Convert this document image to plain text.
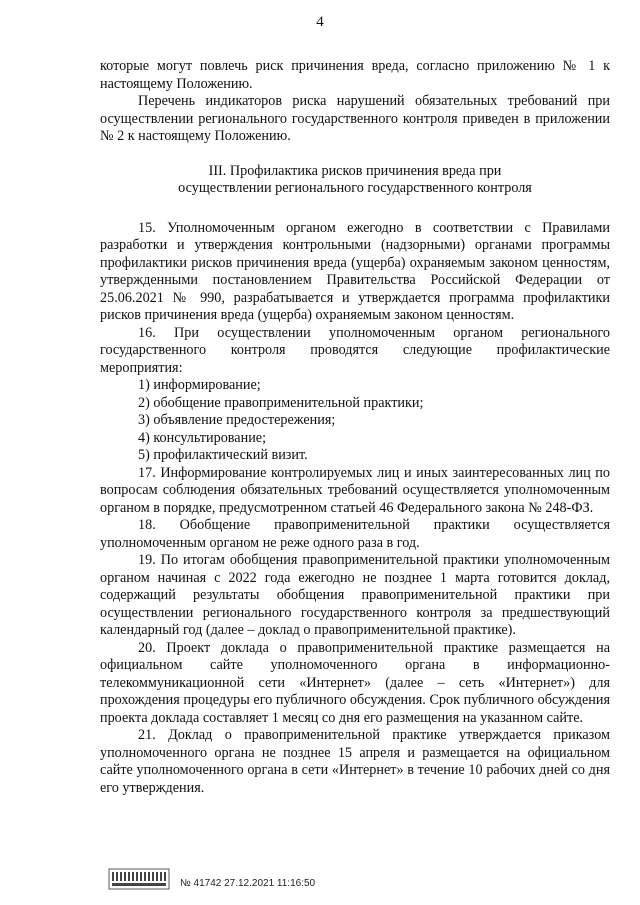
4

которые могут повлечь риск причинения вреда, согласно приложению № 1 к настоящему Положению.

Перечень индикаторов риска нарушений обязательных требований при осуществлении регионального государственного контроля приведен в приложении № 2 к настоящему Положению.

III. Профилактика рисков причинения вреда при
осуществлении регионального государственного контроля

15. Уполномоченным органом ежегодно в соответствии с Правилами разработки и утверждения контрольными (надзорными) органами программы профилактики рисков причинения вреда (ущерба) охраняемым законом ценностям, утвержденными постановлением Правительства Российской Федерации от 25.06.2021 № 990, разрабатывается и утверждается программа профилактики рисков причинения вреда (ущерба) охраняемым законом ценностям.

16. При осуществлении уполномоченным органом регионального государственного контроля проводятся следующие профилактические мероприятия:

1) информирование;

2) обобщение правоприменительной практики;

3) объявление предостережения;

4) консультирование;

5) профилактический визит.

17. Информирование контролируемых лиц и иных заинтересованных лиц по вопросам соблюдения обязательных требований осуществляется уполномоченным органом в порядке, предусмотренном статьей 46 Федерального закона № 248-ФЗ.

18. Обобщение правоприменительной практики осуществляется уполномоченным органом не реже одного раза в год.

19. По итогам обобщения правоприменительной практики уполномоченным органом начиная с 2022 года ежегодно не позднее 1 марта готовится доклад, содержащий результаты обобщения правоприменительной практики при осуществлении регионального государственного контроля за предшествующий календарный год (далее – доклад о правоприменительной практике).

20. Проект доклада о правоприменительной практике размещается на официальном сайте уполномоченного органа в информационно-телекоммуникационной сети «Интернет» (далее – сеть «Интернет») для прохождения процедуры его публичного обсуждения. Срок публичного обсуждения проекта доклада составляет 1 месяц со дня его размещения на указанном сайте.

21. Доклад о правоприменительной практике утверждается приказом уполномоченного органа не позднее 15 апреля и размещается на официальном сайте уполномоченного органа в сети «Интернет» в течение 10 рабочих дней со дня его утверждения.

№ 41742 27.12.2021 11:16:50
